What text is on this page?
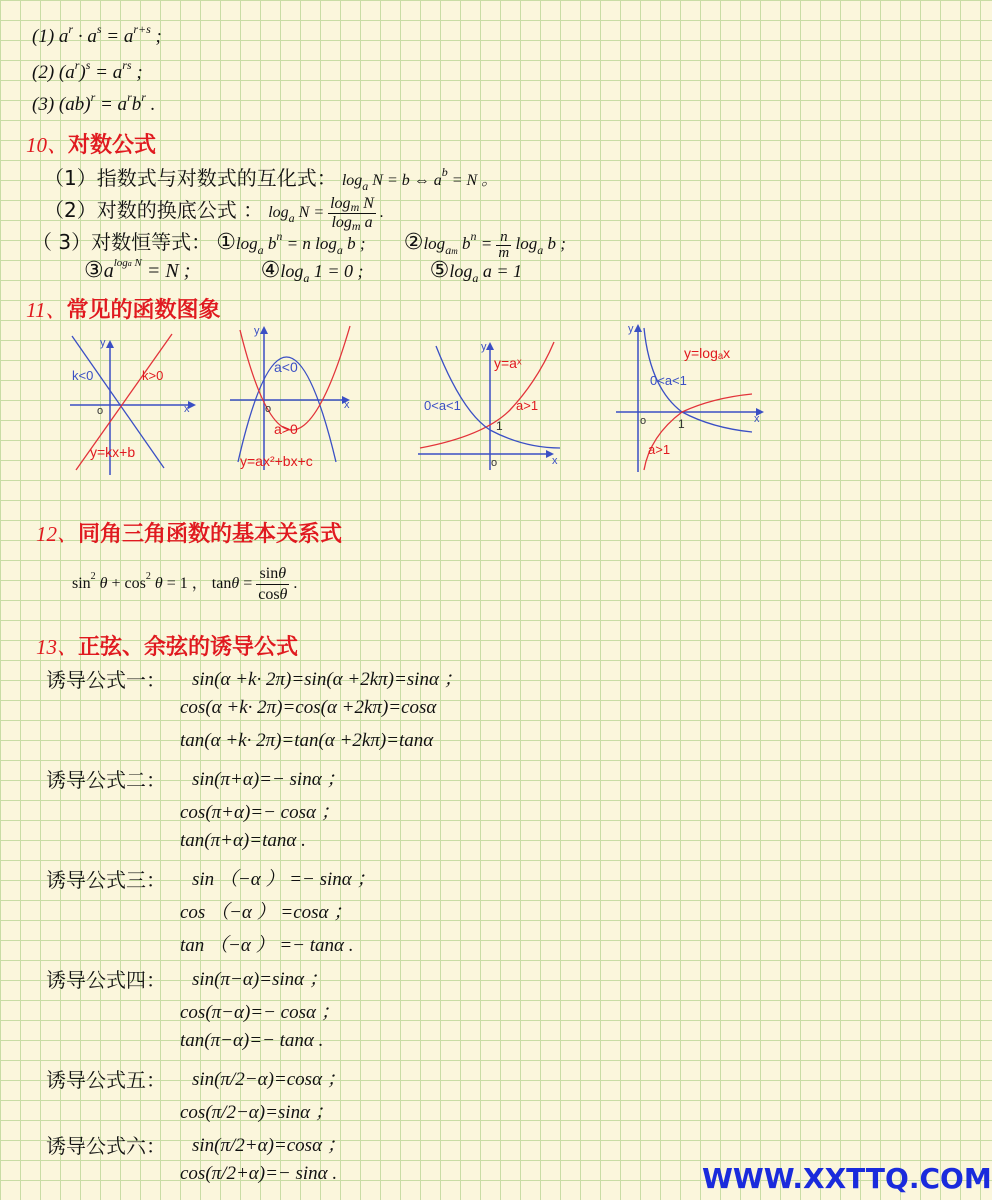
(1) $a^r \cdot a^s = a^{r+s}$ ;
(2) $(a^r)^s = a^{rs}$ ;
(3) $(ab)^r = a^rb^r$ .
10、对数公式
（1）指数式与对数式的互化式： $\log_a N = b$ ⇔ $a^b = N$ 。
（2）对数的换底公式 ： $\log_a N = \frac{\text{logm N}}{\text{logm a}}$ .
（ 3）对数恒等式： $①\log_a$ $b^n = n$ $\log_a b$ ; $②\log_{am}$ $b^n = \frac{n}{m} \log_a b$ ;
$③a^{loga N} = N$ ;	$④\log_a$ 1 = 0 ;	$⑤\log_a$ a = 1
11、常见的函数图象
y
x
o
k<0	k>0
y=kx+b
y
x
o
a<0
a>0
y=ax²+bx+c
y
x
o
y=aˣ
0<a<1	a>1
1
y
x
o
y=logₐx
0<a<1
a>1
1
12、同角三角函数的基本关系式
$\sin^2 \theta + \cos^2 \theta = 1$ ， $\tan\theta = \frac{\sin\theta}{\cos\theta}$ .
13、正弦、余弦的诱导公式
诱导公式一： sin(α +k· 2π)=sin(α +2kπ)=sinα ；
cos(α +k· 2π)=cos(α +2kπ)=cosα
tan(α +k· 2π)=tan(α +2kπ)=tanα
诱导公式二： sin(π+α)=− sinα ；
cos(π+α)=− cosα ；
tan(π+α)=tanα .
诱导公式三： sin （−α ） =− sinα ；
cos （−α ） =cosα ；
tan （−α ） =− tanα .
诱导公式四： sin(π−α)=sinα ；
cos(π−α)=− cosα ；
tan(π−α)=− tanα .
诱导公式五： sin(π/2−α)=cosα ；
cos(π/2−α)=sinα ；
诱导公式六： sin(π/2+α)=cosα ；
cos(π/2+α)=− sinα .	WWW.XXTTQ.COM
